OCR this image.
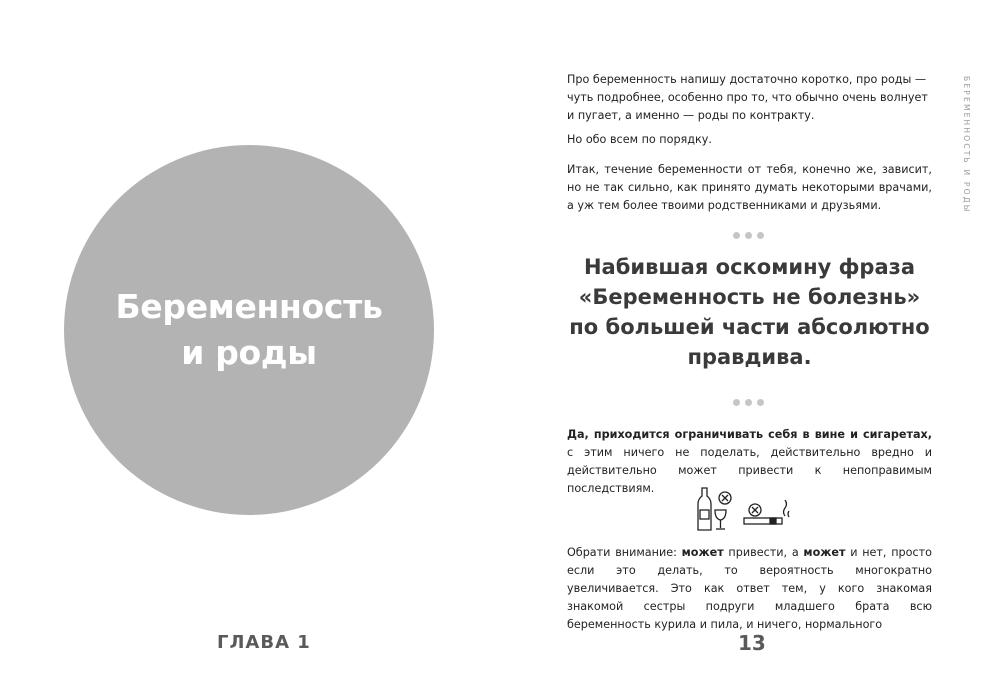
Беременность
и роды
ГЛАВА 1

Про беременность напишу достаточно коротко, про роды — чуть подробнее, особенно про то, что обычно очень волнует и пугает, а именно — роды по контракту.

Но обо всем по порядку.

Итак, течение беременности от тебя, конечно же, зависит, но не так сильно, как принято думать некоторыми врачами, а уж тем более твоими родственниками и друзьями.

Набившая оскомину фраза
«Беременность не болезнь»
по большей части абсолютно
правдива.

Да, приходится ограничивать себя в вине и сигаретах, с этим ничего не поделать, действительно вредно и действительно может привести к непоправимым последствиям.

Обрати внимание: может привести, а может и нет, просто если это делать, то вероятность многократно увеличивается. Это как ответ тем, у кого знакомая знакомой сестры подруги младшего брата всю беременность курила и пила, и ничего, нормального

13
БЕРЕМЕННОСТЬ И РОДЫ
